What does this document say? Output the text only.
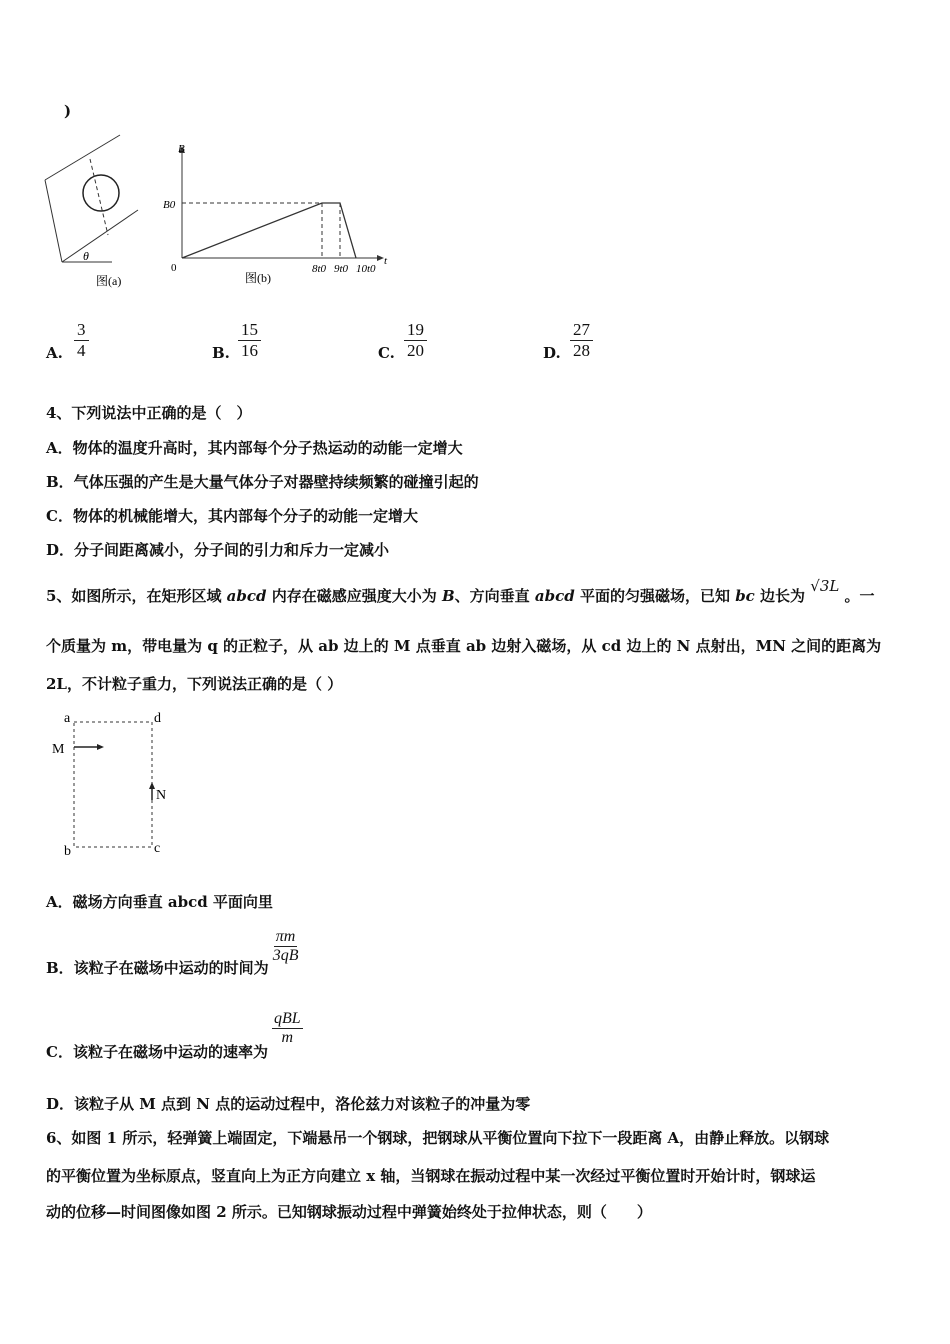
)
θ
图(a)
B
t
0
B0
8t0 9t0 10t0
图(b)
A. $\frac{3}{4}$	B. $\frac{15}{16}$	C. $\frac{19}{20}$	D. $\frac{27}{28}$
4、下列说法中正确的是（　）
A．物体的温度升高时，其内部每个分子热运动的动能一定增大
B．气体压强的产生是大量气体分子对器壁持续频繁的碰撞引起的
C．物体的机械能增大，其内部每个分子的动能一定增大
D．分子间距离减小，分子间的引力和斥力一定减小
5、如图所示，在矩形区域 abcd 内存在磁感应强度大小为 B、方向垂直 abcd 平面的匀强磁场，已知 bc 边长为 √3L 。一
个质量为 m，带电量为 q 的正粒子，从 ab 边上的 M 点垂直 ab 边射入磁场，从 cd 边上的 N 点射出，MN 之间的距离为
2L，不计粒子重力，下列说法正确的是（ ）
a	d
b	c
M
N
A．磁场方向垂直 abcd 平面向里
B．该粒子在磁场中运动的时间为
$\frac{\pi m}{3qB}$
C．该粒子在磁场中运动的速率为
qBL
m
D．该粒子从 M 点到 N 点的运动过程中，洛伦兹力对该粒子的冲量为零
6、如图 1 所示，轻弹簧上端固定，下端悬吊一个钢球，把钢球从平衡位置向下拉下一段距离 A，由静止释放。以钢球
的平衡位置为坐标原点，竖直向上为正方向建立 x 轴，当钢球在振动过程中某一次经过平衡位置时开始计时，钢球运
动的位移—时间图像如图 2 所示。已知钢球振动过程中弹簧始终处于拉伸状态，则（　　）
